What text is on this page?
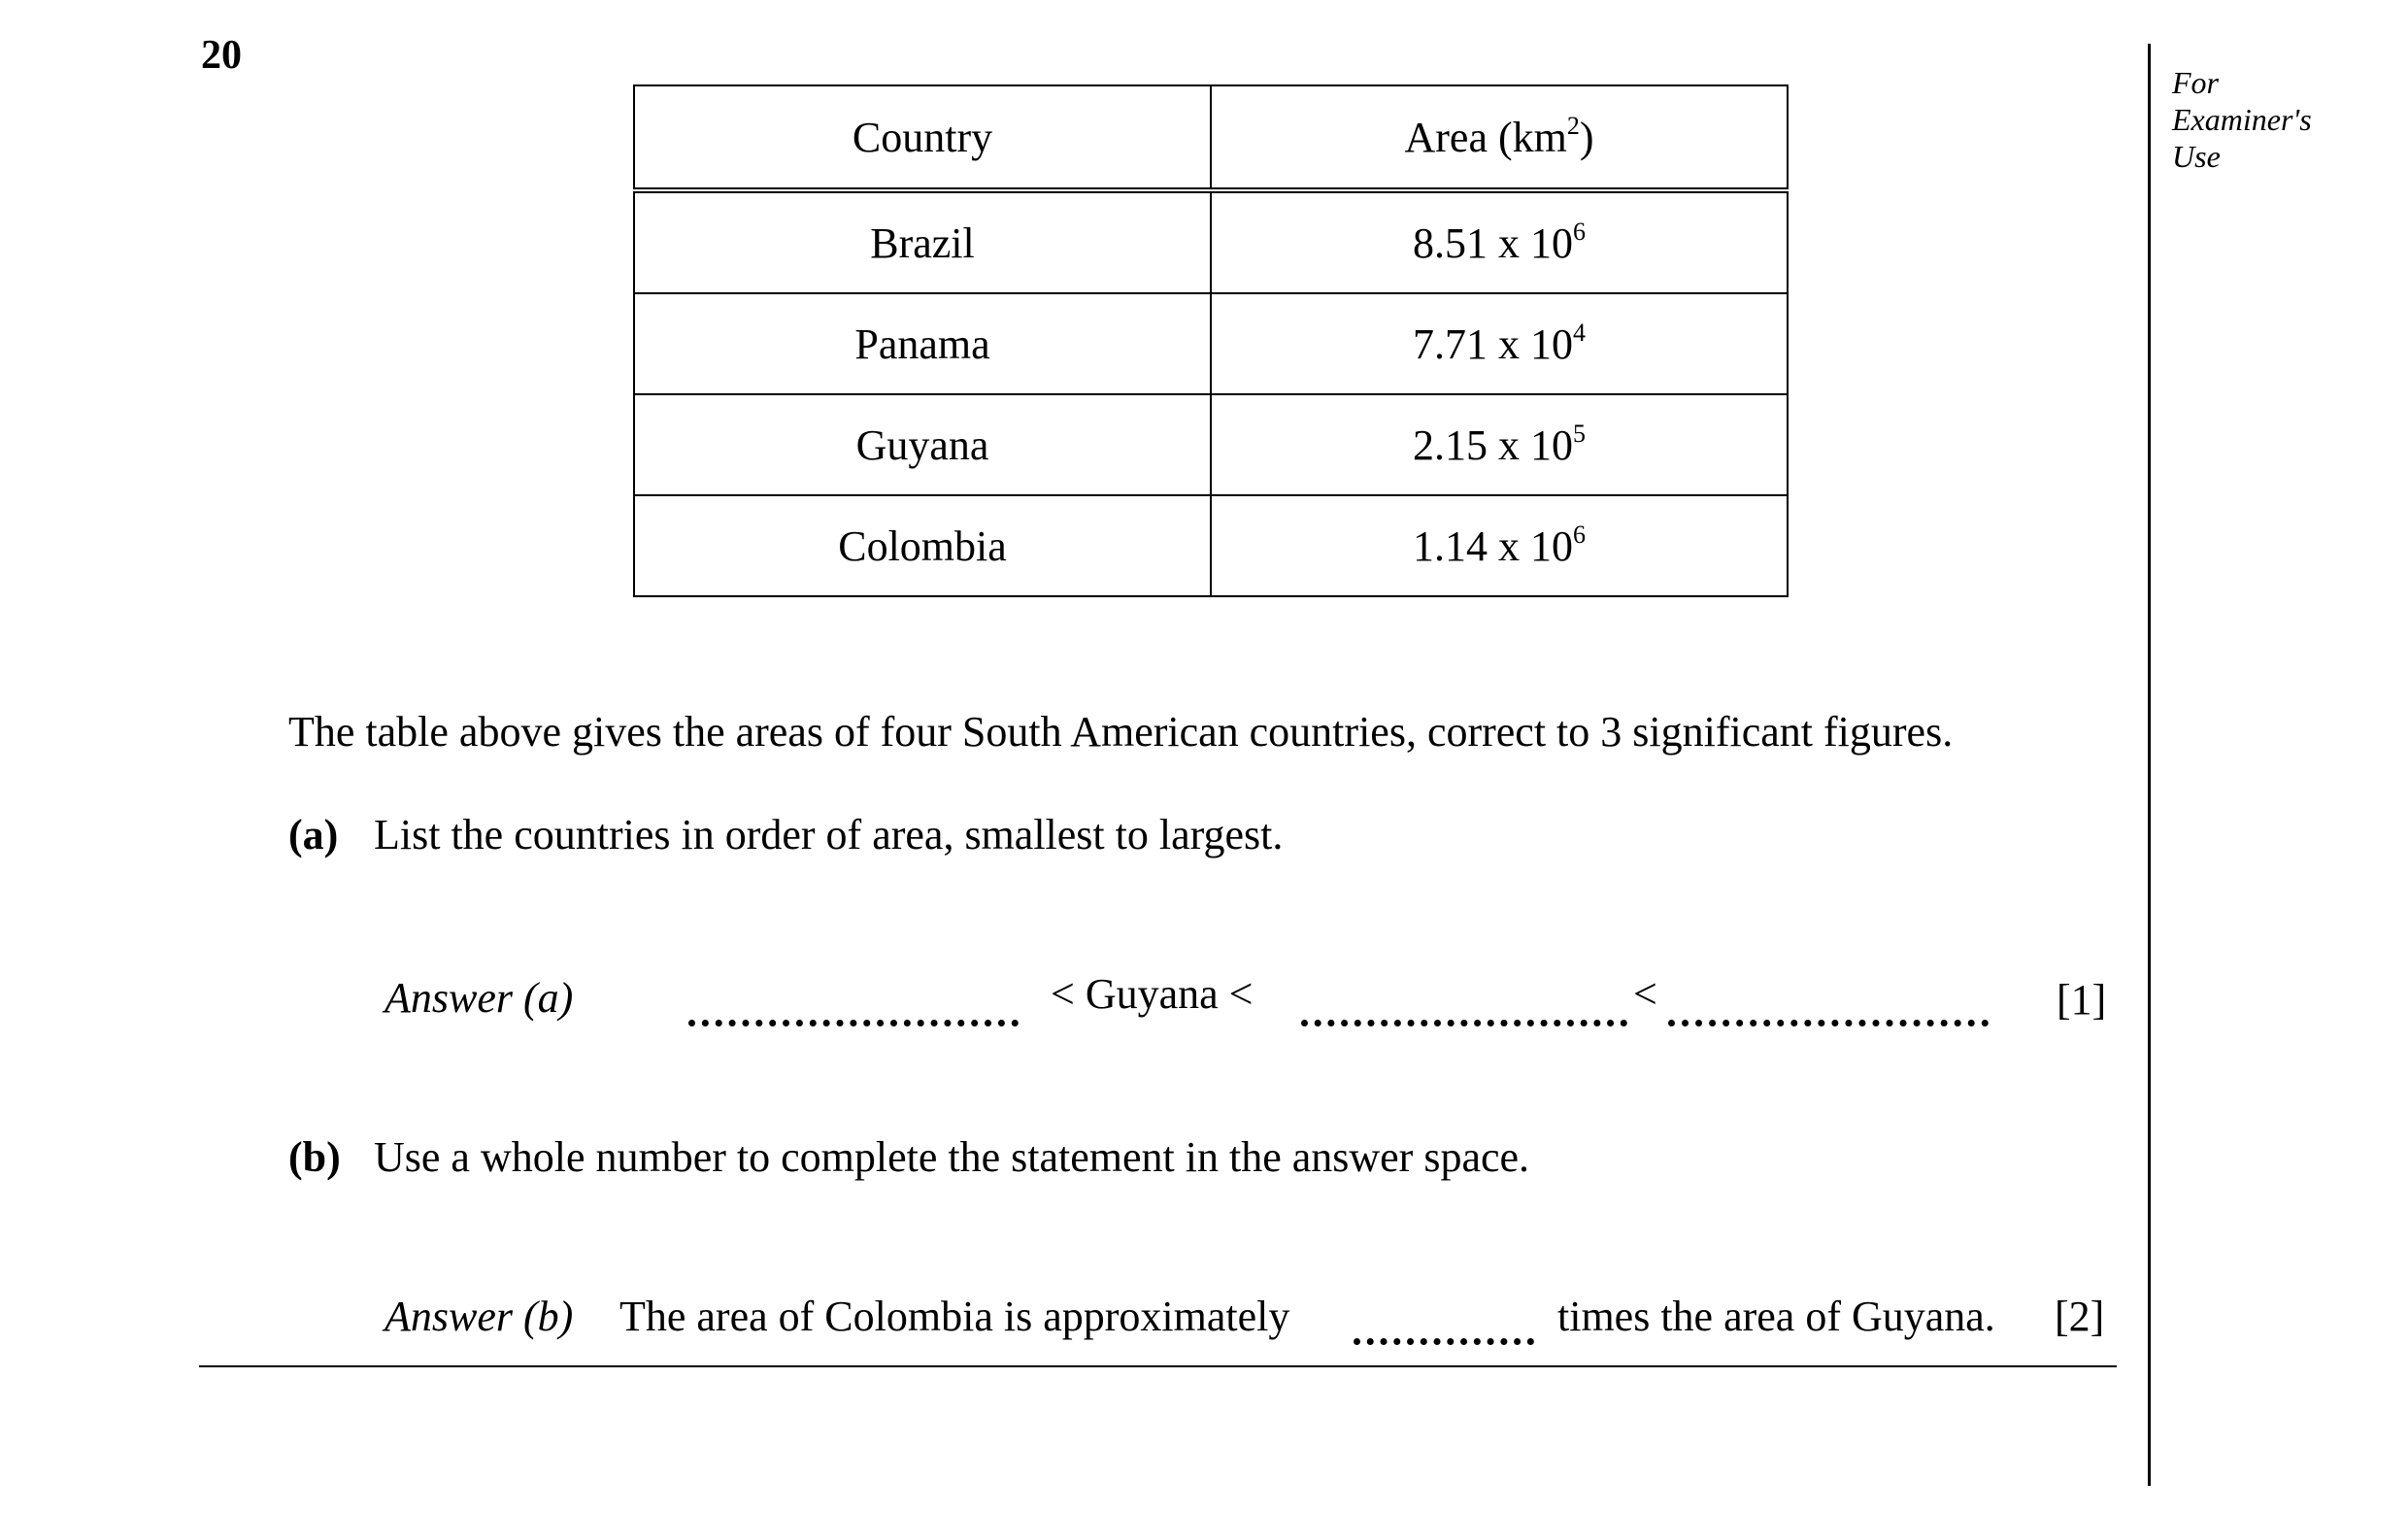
20
For
Examiner's
Use
Country	Area $(km^2)$
Brazil	8.51 x $10^6$
Panama	7.71 x $10^4$
Guyana	2.15 x $10^5$
Colombia	1.14 x $10^6$
The table above gives the areas of four South American countries, correct to 3 significant figures.
(a) List the countries in order of area, smallest to largest.
Answer (a)	< Guyana <	<	[1]
(b) Use a whole number to complete the statement in the answer space.
Answer (b) The area of Colombia is approximately	times the area of Guyana. [2]
